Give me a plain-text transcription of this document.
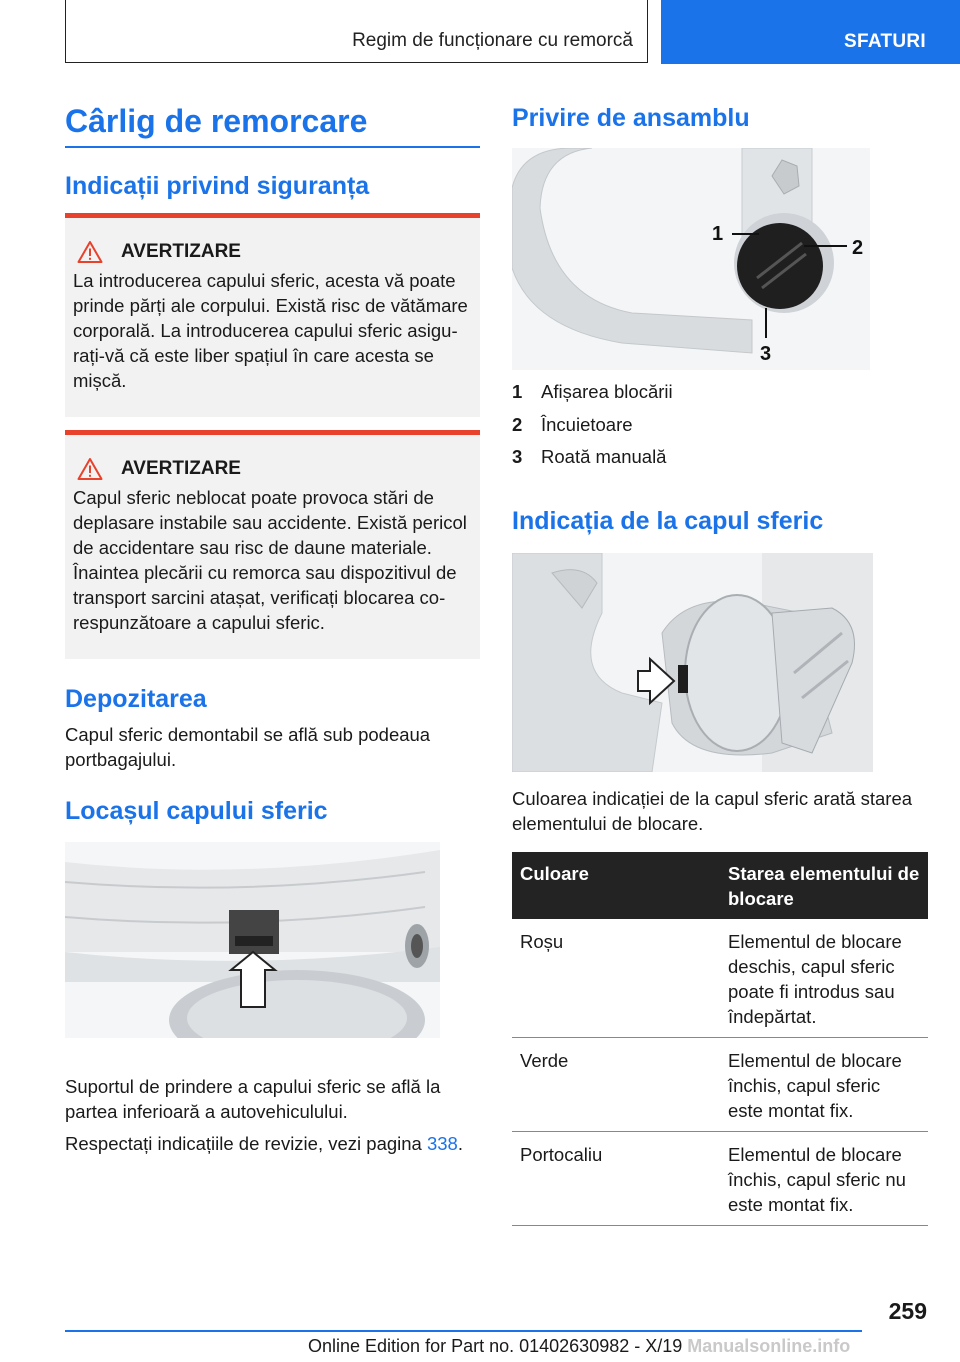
Regim de funcționare cu remorcă	SFATURI
Cârlig de remorcare
Indicații privind siguranța
AVERTIZARE
La introducerea capului sferic, acesta vă poate prinde părți ale corpului. Există risc de vătămare corporală. La introducerea capului sferic asigurați-vă că este liber spațiul în care acesta se mișcă.
AVERTIZARE
Capul sferic neblocat poate provoca stări de deplasare instabile sau accidente. Există pericol de accidentare sau risc de daune materiale. Înaintea plecării cu remorca sau dispozitivul de transport sarcini atașat, verificați blocarea corespunzătoare a capului sferic.
Depozitarea
Capul sferic demontabil se află sub podeaua portbagajului.
Locașul capului sferic
Suportul de prindere a capului sferic se află la partea inferioară a autovehiculului.
Respectați indicațiile de revizie, vezi pagina 338.
Privire de ansamblu
1
2
3
1	Afișarea blocării
2	Încuietoare
3	Roată manuală
Indicația de la capul sferic
Culoarea indicației de la capul sferic arată starea elementului de blocare.
Culoare	Starea elementului de blocare
Roșu	Elementul de blocare deschis, capul sferic poate fi introdus sau îndepărtat.
Verde	Elementul de blocare închis, capul sferic este montat fix.
Portocaliu	Elementul de blocare închis, capul sferic nu este montat fix.
259
Online Edition for Part no. 01402630982 - X/19 Manualsonline.info
